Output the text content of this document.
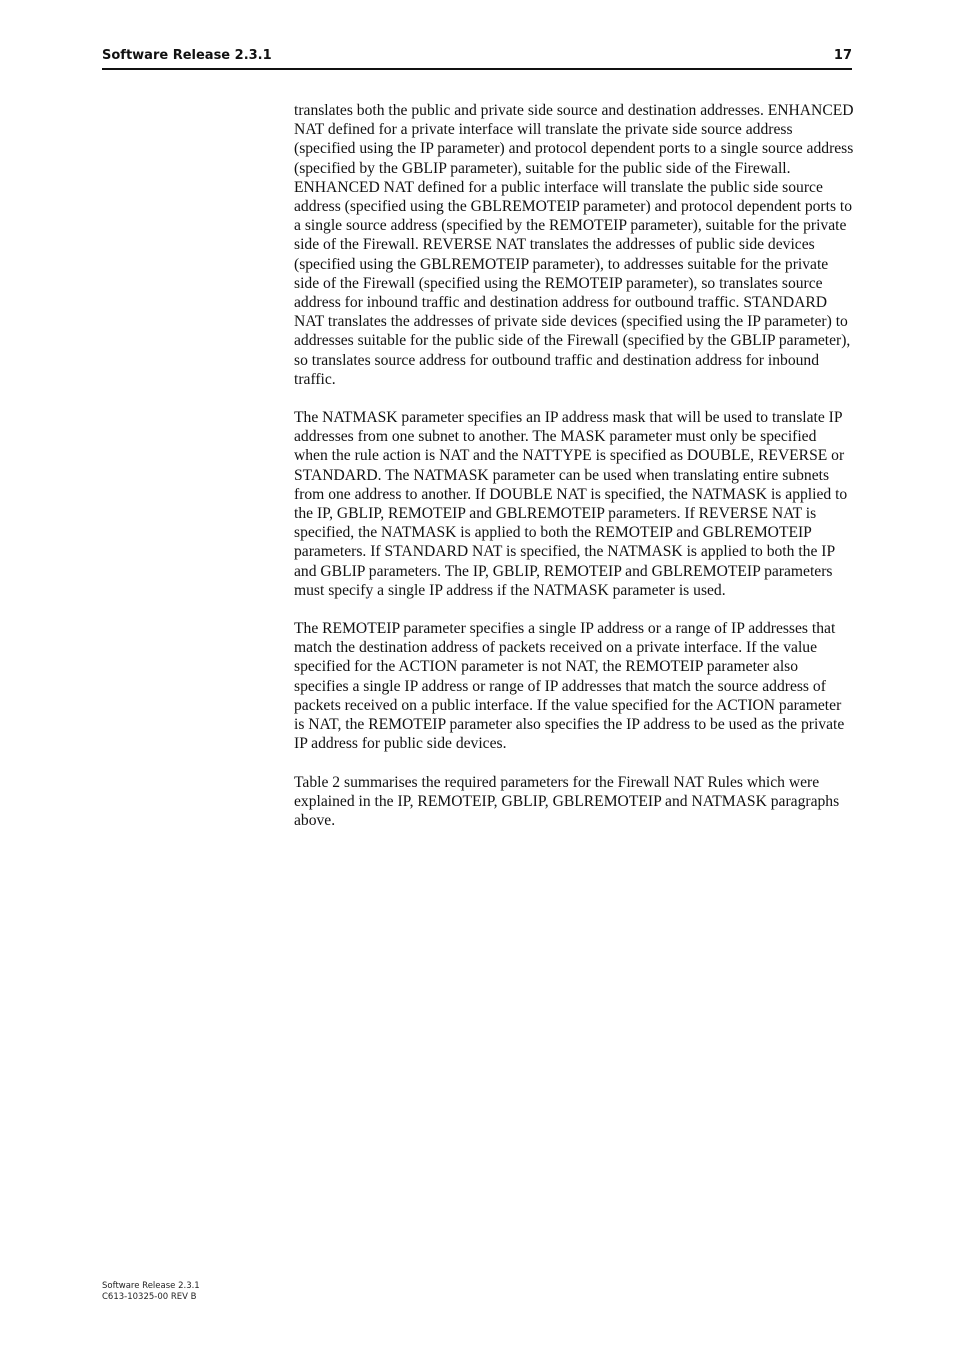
Software Release 2.3.1	17

translates both the public and private side source and destination addresses. ENHANCED NAT defined for a private interface will translate the private side source address (specified using the IP parameter) and protocol dependent ports to a single source address (specified by the GBLIP parameter), suitable for the public side of the Firewall. ENHANCED NAT defined for a public interface will translate the public side source address (specified using the GBLREMOTEIP parameter) and protocol dependent ports to a single source address (specified by the REMOTEIP parameter), suitable for the private side of the Firewall. REVERSE NAT translates the addresses of public side devices (specified using the GBLREMOTEIP parameter), to addresses suitable for the private side of the Firewall (specified using the REMOTEIP parameter), so translates source address for inbound traffic and destination address for outbound traffic. STANDARD NAT translates the addresses of private side devices (specified using the IP parameter) to addresses suitable for the public side of the Firewall (specified by the GBLIP parameter), so translates source address for outbound traffic and destination address for inbound traffic.

The NATMASK parameter specifies an IP address mask that will be used to translate IP addresses from one subnet to another. The MASK parameter must only be specified when the rule action is NAT and the NATTYPE is specified as DOUBLE, REVERSE or STANDARD. The NATMASK parameter can be used when translating entire subnets from one address to another. If DOUBLE NAT is specified, the NATMASK is applied to the IP, GBLIP, REMOTEIP and GBLREMOTEIP parameters. If REVERSE NAT is specified, the NATMASK is applied to both the REMOTEIP and GBLREMOTEIP parameters. If STANDARD NAT is specified, the NATMASK is applied to both the IP and GBLIP parameters. The IP, GBLIP, REMOTEIP and GBLREMOTEIP parameters must specify a single IP address if the NATMASK parameter is used.

The REMOTEIP parameter specifies a single IP address or a range of IP addresses that match the destination address of packets received on a private interface. If the value specified for the ACTION parameter is not NAT, the REMOTEIP parameter also specifies a single IP address or range of IP addresses that match the source address of packets received on a public interface. If the value specified for the ACTION parameter is NAT, the REMOTEIP parameter also specifies the IP address to be used as the private IP address for public side devices.

Table 2 summarises the required parameters for the Firewall NAT Rules which were explained in the IP, REMOTEIP, GBLIP, GBLREMOTEIP and NATMASK paragraphs above.

Software Release 2.3.1
C613-10325-00 REV B
